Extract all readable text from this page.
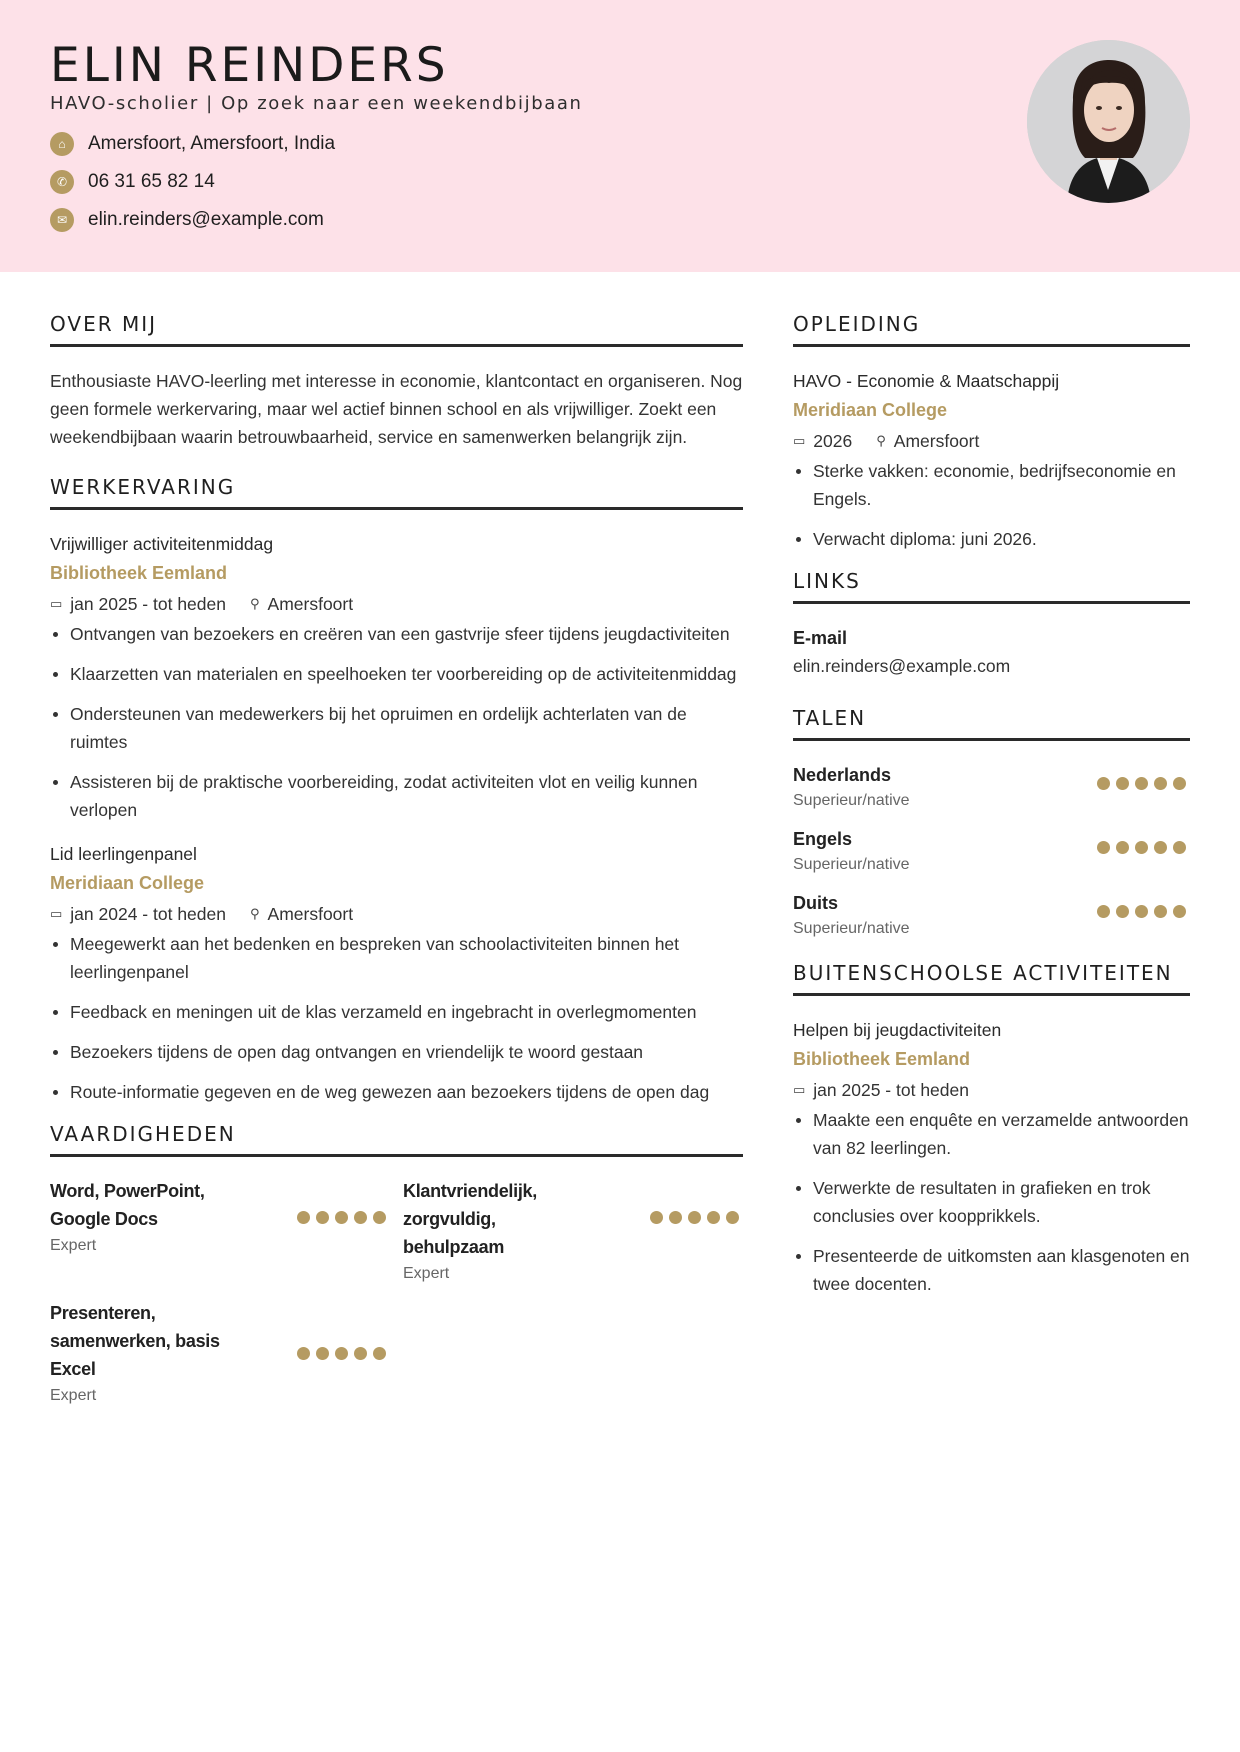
ELIN REINDERS
HAVO-scholier | Op zoek naar een weekendbijbaan
⌂	Amersfoort, Amersfoort, India
✆	06 31 65 82 14
✉	elin.reinders@example.com
OVER MIJ

Enthousiaste HAVO-leerling met interesse in economie, klantcontact en organiseren. Nog geen formele werkervaring, maar wel actief binnen school en als vrijwilliger. Zoekt een weekendbijbaan waarin betrouwbaarheid, service en samenwerken belangrijk zijn.

WERKERVARING
Vrijwilliger activiteitenmiddag
Bibliotheek Eemland
▭ jan 2025 - tot heden ⚲ Amersfoort
Ontvangen van bezoekers en creëren van een gastvrije sfeer tijdens jeugdactiviteiten
Klaarzetten van materialen en speelhoeken ter voorbereiding op de activiteitenmiddag
Ondersteunen van medewerkers bij het opruimen en ordelijk achterlaten van de ruimtes
Assisteren bij de praktische voorbereiding, zodat activiteiten vlot en veilig kunnen verlopen
Lid leerlingenpanel
Meridiaan College
▭ jan 2024 - tot heden ⚲ Amersfoort
Meegewerkt aan het bedenken en bespreken van schoolactiviteiten binnen het leerlingenpanel
Feedback en meningen uit de klas verzameld en ingebracht in overlegmomenten
Bezoekers tijdens de open dag ontvangen en vriendelijk te woord gestaan
Route-informatie gegeven en de weg gewezen aan bezoekers tijdens de open dag
VAARDIGHEDEN
Word, PowerPoint, Google Docs
Expert
Klantvriendelijk, zorgvuldig, behulpzaam
Expert
Presenteren, samenwerken, basis Excel
Expert
OPLEIDING
HAVO - Economie & Maatschappij
Meridiaan College
▭ 2026 ⚲ Amersfoort
Sterke vakken: economie, bedrijfseconomie en Engels.
Verwacht diploma: juni 2026.
LINKS
E-mail
elin.reinders@example.com
TALEN
Nederlands
Superieur/native
Engels
Superieur/native
Duits
Superieur/native
BUITENSCHOOLSE ACTIVITEITEN
Helpen bij jeugdactiviteiten
Bibliotheek Eemland
▭ jan 2025 - tot heden
Maakte een enquête en verzamelde antwoorden van 82 leerlingen.
Verwerkte de resultaten in grafieken en trok conclusies over koopprikkels.
Presenteerde de uitkomsten aan klasgenoten en twee docenten.
